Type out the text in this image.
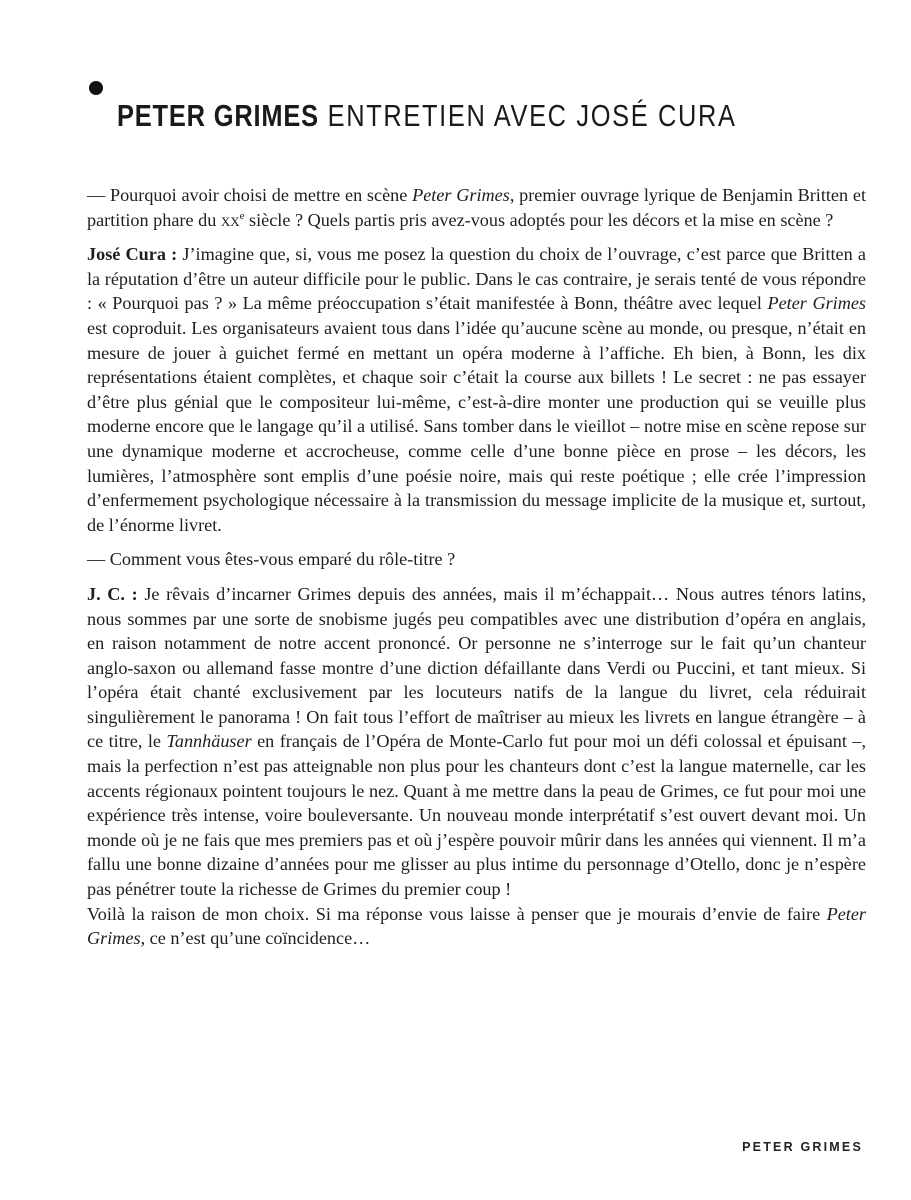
PETER GRIMES ENTRETIEN AVEC JOSÉ CURA

— Pourquoi avoir choisi de mettre en scène Peter Grimes, premier ouvrage lyrique de Benjamin Britten et partition phare du $xx^e$ siècle ? Quels partis pris avez-vous adoptés pour les décors et la mise en scène ?

José Cura : J’imagine que, si, vous me posez la question du choix de l’ouvrage, c’est parce que Britten a la réputation d’être un auteur difficile pour le public. Dans le cas contraire, je serais tenté de vous répondre : « Pourquoi pas ? » La même préoccupation s’était manifestée à Bonn, théâtre avec lequel Peter Grimes est coproduit. Les organisateurs avaient tous dans l’idée qu’aucune scène au monde, ou presque, n’était en mesure de jouer à guichet fermé en mettant un opéra moderne à l’affiche. Eh bien, à Bonn, les dix représentations étaient complètes, et chaque soir c’était la course aux billets ! Le secret : ne pas essayer d’être plus génial que le compositeur lui-même, c’est-à-dire monter une production qui se veuille plus moderne encore que le langage qu’il a utilisé. Sans tomber dans le vieillot – notre mise en scène repose sur une dynamique moderne et accrocheuse, comme celle d’une bonne pièce en prose – les décors, les lumières, l’atmosphère sont emplis d’une poésie noire, mais qui reste poétique ; elle crée l’impression d’enfermement psychologique nécessaire à la transmission du message implicite de la musique et, surtout, de l’énorme livret.

— Comment vous êtes-vous emparé du rôle-titre ?

J. C. : Je rêvais d’incarner Grimes depuis des années, mais il m’échappait… Nous autres ténors latins, nous sommes par une sorte de snobisme jugés peu compatibles avec une distribution d’opéra en anglais, en raison notamment de notre accent prononcé. Or personne ne s’interroge sur le fait qu’un chanteur anglo-saxon ou allemand fasse montre d’une diction défaillante dans Verdi ou Puccini, et tant mieux. Si l’opéra était chanté exclusivement par les locuteurs natifs de la langue du livret, cela réduirait singulièrement le panorama ! On fait tous l’effort de maîtriser au mieux les livrets en langue étrangère – à ce titre, le Tannhäuser en français de l’Opéra de Monte-Carlo fut pour moi un défi colossal et épuisant –, mais la perfection n’est pas atteignable non plus pour les chanteurs dont c’est la langue maternelle, car les accents régionaux pointent toujours le nez. Quant à me mettre dans la peau de Grimes, ce fut pour moi une expérience très intense, voire bouleversante. Un nouveau monde interprétatif s’est ouvert devant moi. Un monde où je ne fais que mes premiers pas et où j’espère pouvoir mûrir dans les années qui viennent. Il m’a fallu une bonne dizaine d’années pour me glisser au plus intime du personnage d’Otello, donc je n’espère pas pénétrer toute la richesse de Grimes du premier coup !

Voilà la raison de mon choix. Si ma réponse vous laisse à penser que je mourais d’envie de faire Peter Grimes, ce n’est qu’une coïncidence…

PETER GRIMES
